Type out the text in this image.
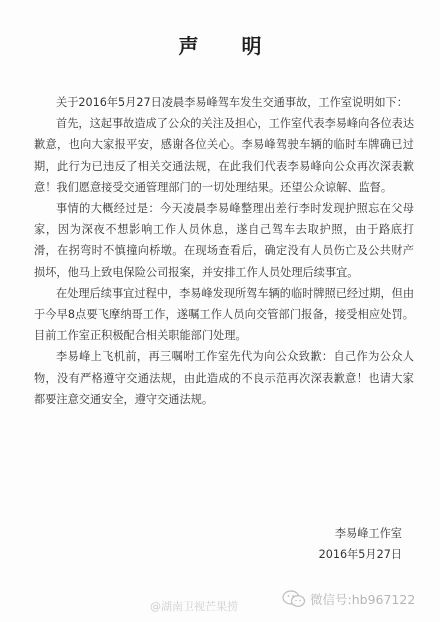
声 明

关于2016年5月27日凌晨李易峰驾车发生交通事故，工作室说明如下：

首先，这起事故造成了公众的关注及担心，工作室代表李易峰向各位表达歉意，也向大家报平安，感谢各位关心。李易峰驾驶车辆的临时车牌确已过期，此行为已违反了相关交通法规，在此我们代表李易峰向公众再次深表歉意！我们愿意接受交通管理部门的一切处理结果。还望公众谅解、监督。

事情的大概经过是：今天凌晨李易峰整理出差行李时发现护照忘在父母家，因为深夜不想影响工作人员休息，遂自己驾车去取护照，由于路底打滑，在拐弯时不慎撞向桥墩。在现场查看后，确定没有人员伤亡及公共财产损坏，他马上致电保险公司报案，并安排工作人员处理后续事宜。

在处理后续事宜过程中，李易峰发现所驾车辆的临时牌照已经过期，但由于今早8点要飞摩纳哥工作，遂嘱工作人员向交管部门报备，接受相应处罚。目前工作室正积极配合相关职能部门处理。

李易峰上飞机前，再三嘱咐工作室先代为向公众致歉：自己作为公众人物，没有严格遵守交通法规，由此造成的不良示范再次深表歉意！也请大家都要注意交通安全，遵守交通法规。

李易峰工作室
2016年5月27日
@湖南卫视芒果捞	微信号:hb967122
